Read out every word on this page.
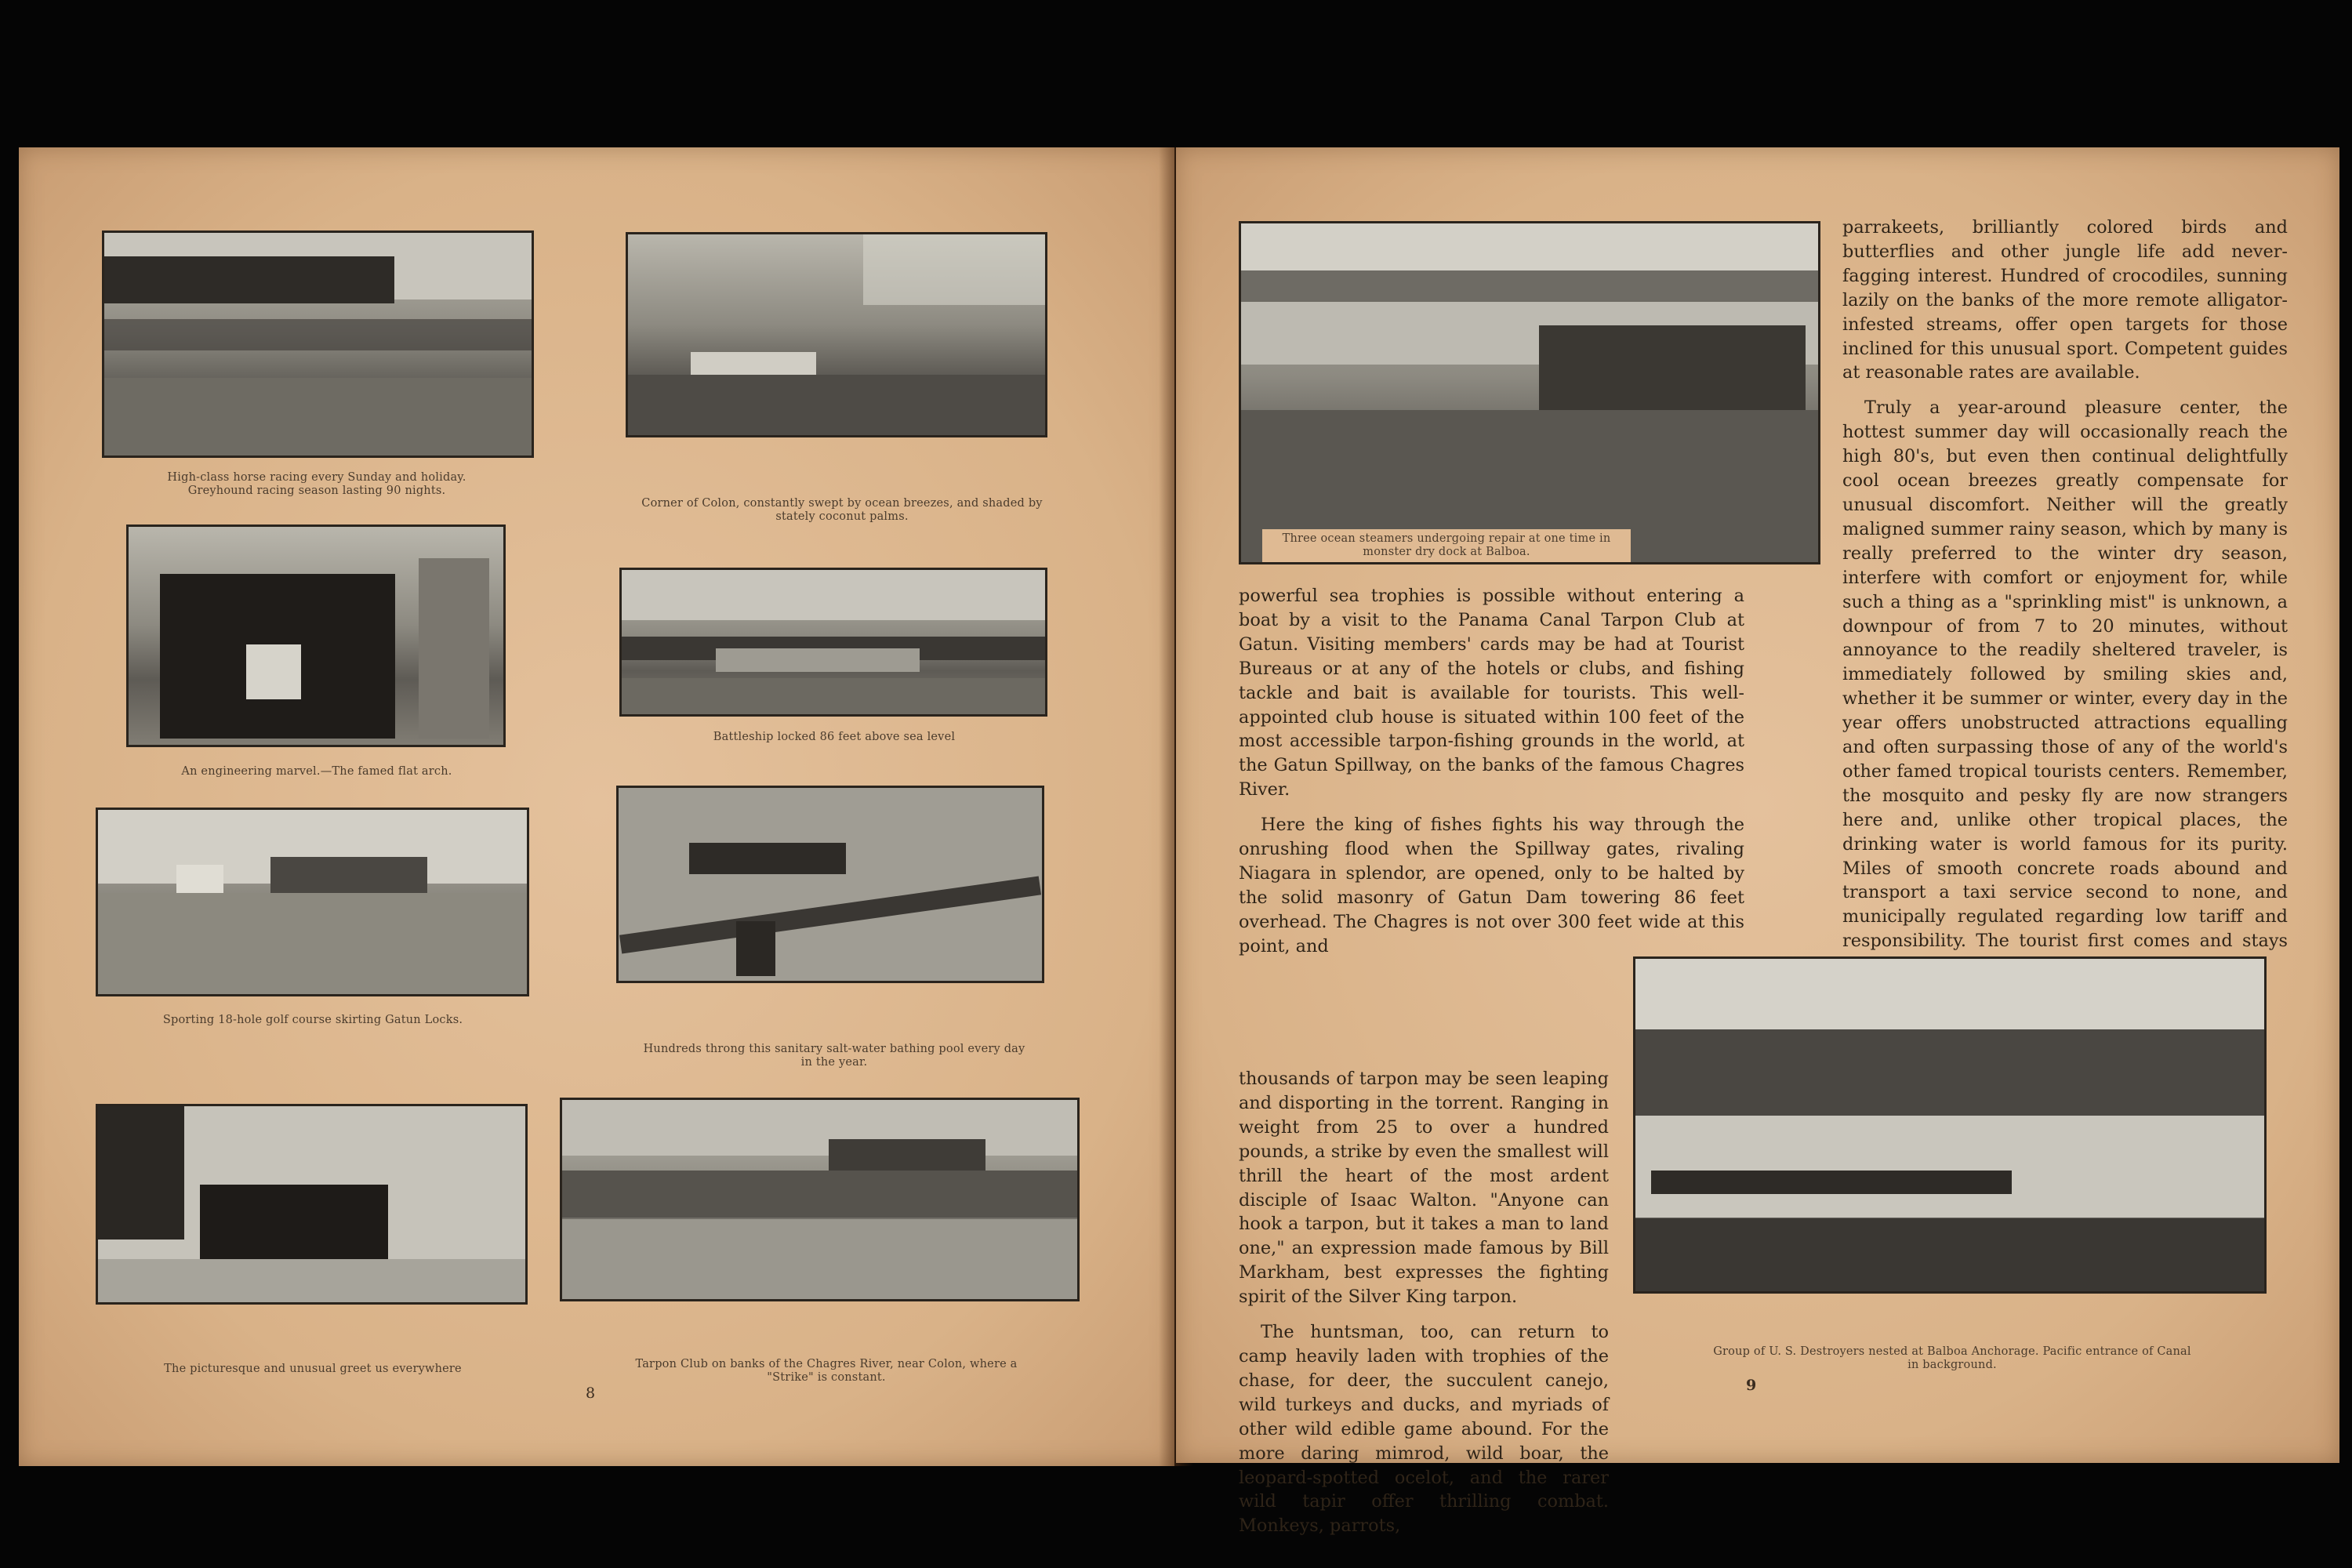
High-class horse racing every Sunday and holiday. Greyhound racing season lasting 90 nights.
Corner of Colon, constantly swept by ocean breezes, and shaded by stately coconut palms.
An engineering marvel.—The famed flat arch.
Battleship locked 86 feet above sea level
Sporting 18-hole golf course skirting Gatun Locks.
Hundreds throng this sanitary salt-water bathing pool every day in the year.
The picturesque and unusual greet us everywhere	Tarpon Club on banks of the Chagres River, near Colon, where a "Strike" is constant.
8
Three ocean steamers undergoing repair at one time in monster dry dock at Balboa.

parrakeets, brilliantly colored birds and butterflies and other jungle life add never-fagging interest. Hundred of crocodiles, sunning lazily on the banks of the more remote alligator-infested streams, offer open targets for those inclined for this unusual sport. Competent guides at reasonable rates are available.

Truly a year-around pleasure center, the hottest summer day will occasionally reach the high 80's, but even then continual delightfully cool ocean breezes greatly compensate for unusual discomfort. Neither will the greatly maligned summer rainy season, which by many is really preferred to the winter dry season, interfere with comfort or enjoyment for, while such a thing as a "sprinkling mist" is unknown, a downpour of from 7 to 20 minutes, without annoyance to the readily sheltered traveler, is immediately followed by smiling skies and, whether it be summer or winter, every day in the year offers unobstructed attractions equalling and often surpassing those of any of the world's other famed tropical tourists centers. Remember, the mosquito and pesky fly are now strangers here and, unlike other tropical places, the drinking water is world famous for its purity. Miles of smooth concrete roads abound and transport a taxi service second to none, and municipally regulated regarding low tariff and responsibility. The tourist first comes and stays

powerful sea trophies is possible without entering a boat by a visit to the Panama Canal Tarpon Club at Gatun. Visiting members' cards may be had at Tourist Bureaus or at any of the hotels or clubs, and fishing tackle and bait is available for tourists. This well-appointed club house is situated within 100 feet of the most accessible tarpon-fishing grounds in the world, at the Gatun Spillway, on the banks of the famous Chagres River.

Here the king of fishes fights his way through the onrushing flood when the Spillway gates, rivaling Niagara in splendor, are opened, only to be halted by the solid masonry of Gatun Dam towering 86 feet overhead. The Chagres is not over 300 feet wide at this point, and

thousands of tarpon may be seen leaping and disporting in the torrent. Ranging in weight from 25 to over a hundred pounds, a strike by even the smallest will thrill the heart of the most ardent disciple of Isaac Walton. "Anyone can hook a tarpon, but it takes a man to land one," an expression made famous by Bill Markham, best expresses the fighting spirit of the Silver King tarpon.

The huntsman, too, can return to camp heavily laden with trophies of the chase, for deer, the succulent canejo, wild turkeys and ducks, and myriads of other wild edible game abound. For the more daring mimrod, wild boar, the leopard-spotted ocelot, and the rarer wild tapir offer thrilling combat. Monkeys, parrots,

Group of U. S. Destroyers nested at Balboa Anchorage. Pacific entrance of Canal in background.
9
